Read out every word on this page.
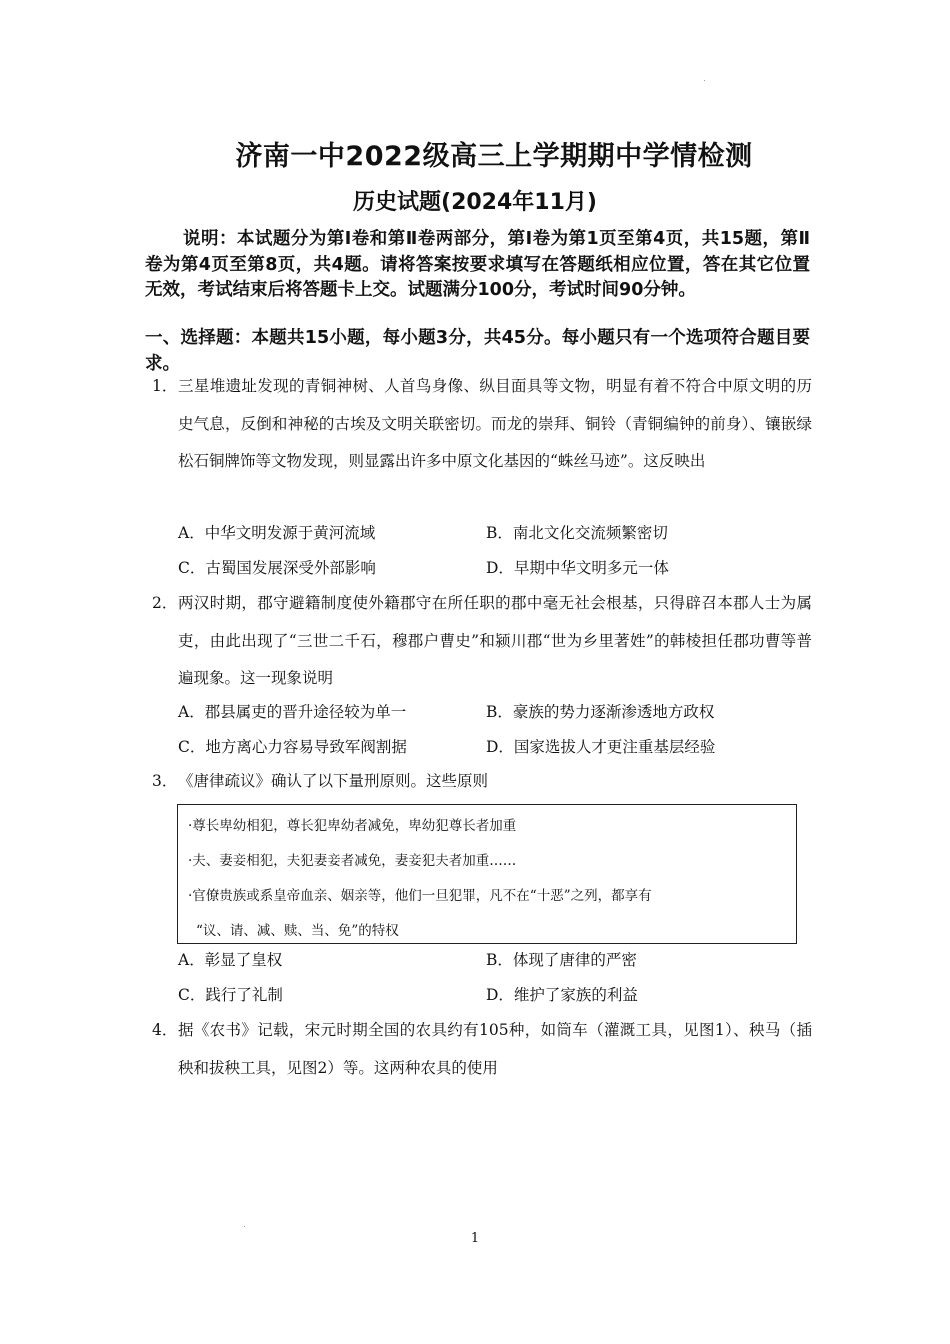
济南一中2022级高三上学期期中学情检测
历史试题(2024年11月)
说明：本试题分为第Ⅰ卷和第Ⅱ卷两部分，第Ⅰ卷为第1页至第4页，共15题，第Ⅱ卷为第4页至第8页，共4题。请将答案按要求填写在答题纸相应位置，答在其它位置无效，考试结束后将答题卡上交。试题满分100分，考试时间90分钟。
一、选择题：本题共15小题，每小题3分，共45分。每小题只有一个选项符合题目要求。
1． 三星堆遗址发现的青铜神树、人首鸟身像、纵目面具等文物，明显有着不符合中原文明的历史气息，反倒和神秘的古埃及文明关联密切。而龙的崇拜、铜铃（青铜编钟的前身）、镶嵌绿松石铜牌饰等文物发现，则显露出许多中原文化基因的“蛛丝马迹”。这反映出
A．中华文明发源于黄河流域	B．南北文化交流频繁密切
C．古蜀国发展深受外部影响	D．早期中华文明多元一体
2． 两汉时期，郡守避籍制度使外籍郡守在所任职的郡中毫无社会根基，只得辟召本郡人士为属吏，由此出现了“三世二千石，穆郡户曹史”和颍川郡“世为乡里著姓”的韩棱担任郡功曹等普遍现象。这一现象说明
A．郡县属吏的晋升途径较为单一	B．豪族的势力逐渐渗透地方政权
C．地方离心力容易导致军阀割据	D．国家选拔人才更注重基层经验
3． 《唐律疏议》确认了以下量刑原则。这些原则
·尊长卑幼相犯，尊长犯卑幼者减免，卑幼犯尊长者加重
·夫、妻妾相犯，夫犯妻妾者减免，妻妾犯夫者加重……
·官僚贵族或系皇帝血亲、姻亲等，他们一旦犯罪，凡不在“十恶”之列，都享有
“议、请、减、赎、当、免”的特权
A．彰显了皇权	B．体现了唐律的严密
C．践行了礼制	D．维护了家族的利益
4． 据《农书》记载，宋元时期全国的农具约有105种，如筒车（灌溉工具，见图1）、秧马（插秧和拔秧工具，见图2）等。这两种农具的使用
1
